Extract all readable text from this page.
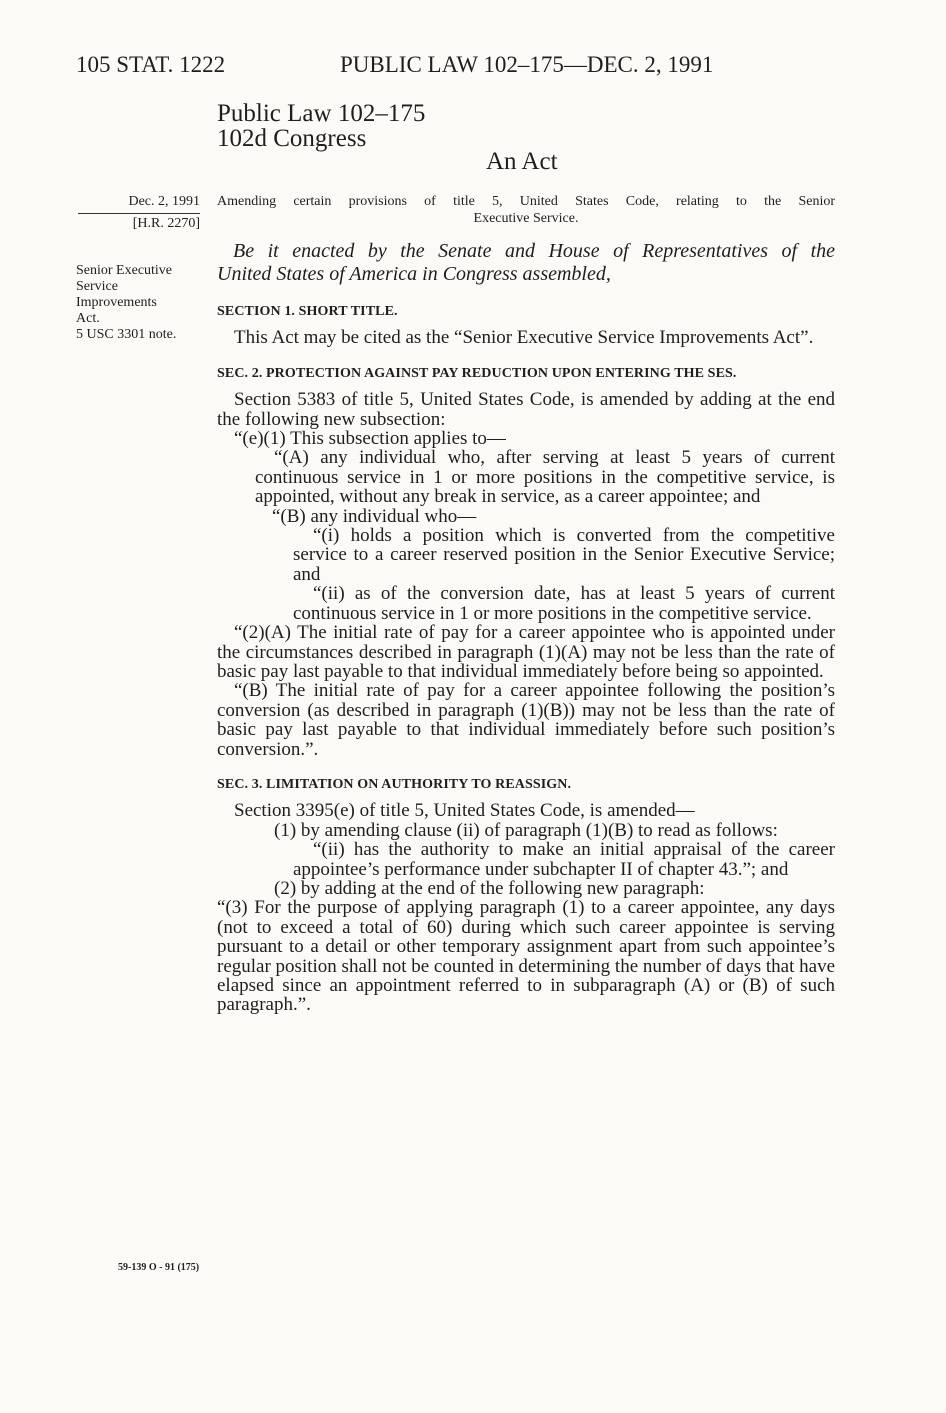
105 STAT. 1222	PUBLIC LAW 102–175—DEC. 2, 1991
Public Law 102–175
102d Congress
An Act
Dec. 2, 1991
[H.R. 2270]
Senior Executive
Service
Improvements
Act.
5 USC 3301 note.
Amending certain provisions of title 5, United States Code, relating to the Senior
Executive Service.

Be it enacted by the Senate and House of Representatives of the

United States of America in Congress assembled,

SECTION 1. SHORT TITLE.

This Act may be cited as the “Senior Executive Service Improvements Act”.

SEC. 2. PROTECTION AGAINST PAY REDUCTION UPON ENTERING THE SES.

Section 5383 of title 5, United States Code, is amended by adding at the end the following new subsection:

“(e)(1) This subsection applies to—

“(A) any individual who, after serving at least 5 years of current continuous service in 1 or more positions in the competitive service, is appointed, without any break in service, as a career appointee; and

“(B) any individual who—

“(i) holds a position which is converted from the competitive service to a career reserved position in the Senior Executive Service; and

“(ii) as of the conversion date, has at least 5 years of current continuous service in 1 or more positions in the competitive service.

“(2)(A) The initial rate of pay for a career appointee who is appointed under the circumstances described in paragraph (1)(A) may not be less than the rate of basic pay last payable to that individual immediately before being so appointed.

“(B) The initial rate of pay for a career appointee following the position’s conversion (as described in paragraph (1)(B)) may not be less than the rate of basic pay last payable to that individual immediately before such position’s conversion.”.

SEC. 3. LIMITATION ON AUTHORITY TO REASSIGN.

Section 3395(e) of title 5, United States Code, is amended—

(1) by amending clause (ii) of paragraph (1)(B) to read as follows:

“(ii) has the authority to make an initial appraisal of the career appointee’s performance under subchapter II of chapter 43.”; and

(2) by adding at the end of the following new paragraph:

“(3) For the purpose of applying paragraph (1) to a career appointee, any days (not to exceed a total of 60) during which such career appointee is serving pursuant to a detail or other temporary assignment apart from such appointee’s regular position shall not be counted in determining the number of days that have elapsed since an appointment referred to in subparagraph (A) or (B) of such paragraph.”.

59-139 O - 91 (175)
